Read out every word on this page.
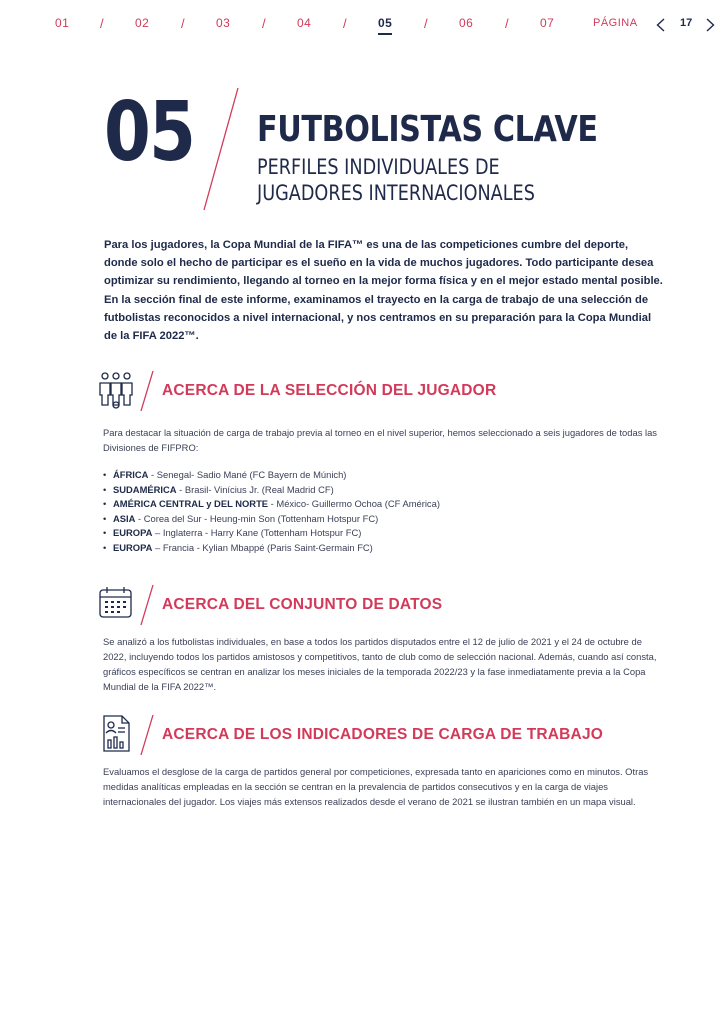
01 /	02 /	03 /	04 /	05 /	06 /	07	PÁGINA	17
05 FUTBOLISTAS CLAVE
PERFILES INDIVIDUALES DE JUGADORES INTERNACIONALES

Para los jugadores, la Copa Mundial de la FIFA™ es una de las competiciones cumbre del deporte, donde solo el hecho de participar es el sueño en la vida de muchos jugadores. Todo participante desea optimizar su rendimiento, llegando al torneo en la mejor forma física y en el mejor estado mental posible. En la sección final de este informe, examinamos el trayecto en la carga de trabajo de una selección de futbolistas reconocidos a nivel internacional, y nos centramos en su preparación para la Copa Mundial de la FIFA 2022™.

ACERCA DE LA SELECCIÓN DEL JUGADOR

Para destacar la situación de carga de trabajo previa al torneo en el nivel superior, hemos seleccionado a seis jugadores de todas las Divisiones de FIFPRO:

• ÁFRICA - Senegal- Sadio Mané (FC Bayern de Múnich)
• SUDAMÉRICA - Brasil- Vinícius Jr. (Real Madrid CF)
• AMÉRICA CENTRAL y DEL NORTE - México- Guillermo Ochoa (CF América)
• ASIA - Corea del Sur - Heung-min Son (Tottenham Hotspur FC)
• EUROPA – Inglaterra - Harry Kane (Tottenham Hotspur FC)
• EUROPA – Francia - Kylian Mbappé (Paris Saint-Germain FC)
ACERCA DEL CONJUNTO DE DATOS

Se analizó a los futbolistas individuales, en base a todos los partidos disputados entre el 12 de julio de 2021 y el 24 de octubre de 2022, incluyendo todos los partidos amistosos y competitivos, tanto de club como de selección nacional. Además, cuando así consta, gráficos específicos se centran en analizar los meses iniciales de la temporada 2022/23 y la fase inmediatamente previa a la Copa Mundial de la FIFA 2022™.

ACERCA DE LOS INDICADORES DE CARGA DE TRABAJO

Evaluamos el desglose de la carga de partidos general por competiciones, expresada tanto en apariciones como en minutos. Otras medidas analíticas empleadas en la sección se centran en la prevalencia de partidos consecutivos y en la carga de viajes internacionales del jugador. Los viajes más extensos realizados desde el verano de 2021 se ilustran también en un mapa visual.
